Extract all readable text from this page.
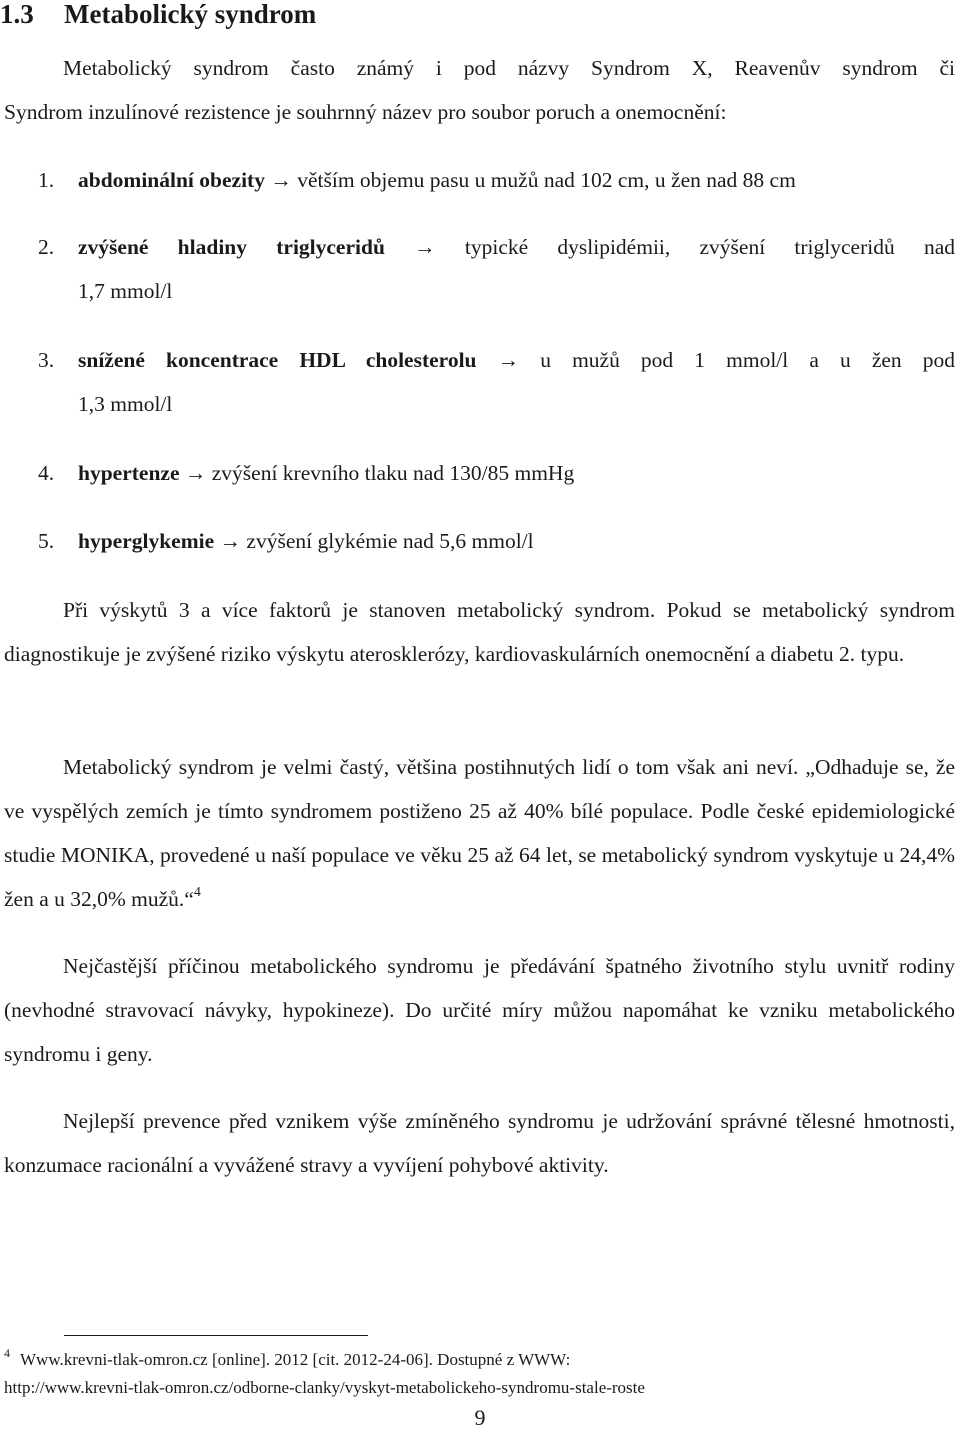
1.3 Metabolický syndrom
Metabolický syndrom často známý i pod názvy Syndrom X, Reavenův syndrom či
Syndrom inzulínové rezistence je souhrnný název pro soubor poruch a onemocnění:
1. abdominální obezity → větším objemu pasu u mužů nad 102 cm, u žen nad 88 cm
2. zvýšené hladiny triglyceridů → typické dyslipidémii, zvýšení triglyceridů nad
1,7 mmol/l
3. snížené koncentrace HDL cholesterolu → u mužů pod 1 mmol/l a u žen pod
1,3 mmol/l
4. hypertenze → zvýšení krevního tlaku nad 130/85 mmHg
5. hyperglykemie → zvýšení glykémie nad 5,6 mmol/l
Při výskytů 3 a více faktorů je stanoven metabolický syndrom. Pokud se metabolický syndrom diagnostikuje je zvýšené riziko výskytu aterosklerózy, kardiovaskulárních onemocnění a diabetu 2. typu.
Metabolický syndrom je velmi častý, většina postihnutých lidí o tom však ani neví. „Odhaduje se, že ve vyspělých zemích je tímto syndromem postiženo 25 až 40% bílé populace. Podle české epidemiologické studie MONIKA, provedené u naší populace ve věku 25 až 64 let, se metabolický syndrom vyskytuje u 24,4% žen a u 32,0% mužů.“$^4$
Nejčastější příčinou metabolického syndromu je předávání špatného životního stylu uvnitř rodiny (nevhodné stravovací návyky, hypokineze). Do určité míry můžou napomáhat ke vzniku metabolického syndromu i geny.
Nejlepší prevence před vznikem výše zmíněného syndromu je udržování správné tělesné hmotnosti, konzumace racionální a vyvážené stravy a vyvíjení pohybové aktivity.
$^4$ Www.krevni-tlak-omron.cz [online]. 2012 [cit. 2012-24-06]. Dostupné z WWW:
http://www.krevni-tlak-omron.cz/odborne-clanky/vyskyt-metabolickeho-syndromu-stale-roste
9
